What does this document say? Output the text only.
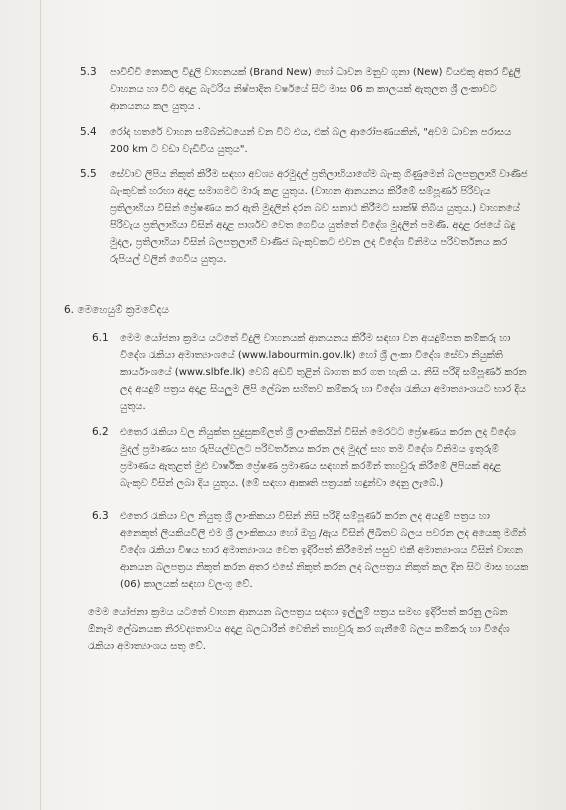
5.3 පාවිච්චි නොකල විදුලි වාහනයක් (Brand New) හෝ ධාවන මනුව ගුනා (New) වියළුකු අතර විදුලි වාහනය හා විට අදාළ බැටරිය නිෂ්පාදිත වර්ෂයේ සිට මාස 06 ක කාලයක් ඇතුලත ශ්‍රී ලංකාවට ආනයනය කල යුතුය .
5.4 රෝද හතරේ වාහන සම්බන්ධයෙන් වන විට එය, එක් බල ආරෝපණයකින්, "අවම ධාවන පරාසය 200 km ට වඩා වැඩිවිය යුතුය".
5.5 සේවාව ලිපිය නිකුත් කිරීම සඳහා අවශ්‍ය අරමුදල් ප්‍රතිලාභියාගේම බැංකු ගිණුමෙන් බලපත්‍රලාභී වාණිජ බැංකුවක් හරහා අදාළ සමාගමට මාරු කළ යුතුය. (වාහන ආනයනය කිරීමේ සම්පූර්ණ පිරිවැය ප්‍රතිලාභියා විසින් ප්‍රේෂණය කර ඇති මුදලින් දරන බව සනාථ කිරීමට සාක්ෂි තිබිය යුතුය.) වාහනයේ පිරිවැය ප්‍රතිලාභියා විසින් අදාළ පාර්ශව වෙත ගෙවිය යුත්තේ විදේශ මුදලින් පමණි. අදාළ රජයේ බදු මුදල, ප්‍රතිලාභියා විසින් බලපත්‍රලාභී වාණිජ බැංකුවකට එවන ලද විදේශ විනිමය පරිවර්තනය කර රුපියල් වලින් ගෙවිය යුතුය.
6. මෙහෙයුම් ක්‍රමවේදය
6.1 මෙම යෝජනා ක්‍රමය යටතේ විදුලි වාහනයක් ආනයනය කිරීම සඳහා වන අයදුම්පත කම්කරු හා විදේශ රැකියා අමාත්‍යාංශයේ (www.labourmin.gov.lk) හෝ ශ්‍රී ලංකා විදේශ සේවා නියුක්ති කාර්යාංශයේ (www.slbfe.lk) වෙබ් අඩවි තුළින් බාගත කර ගත හැකි ය. නිසි පරිදි සම්පූර්ණ කරන ලද අයදුම් පත්‍රය අදාළ සියලුම ලිපි ලේඛන සහිතව කම්කරු හා විදේශ රැකියා අමාත්‍යාංශයට භාර දිය යුතුය.
6.2 එතෙර රැකියා වල නියුක්ත සුදුසුකම්ලත් ශ්‍රී ලාංකිකයින් විසින් මෙරටට ප්‍රේෂණය කරන ලද විදේශ මුදල් ප්‍රමාණය සහ රුපියල්වලට පරිවර්තනය කරන ලද මුදල් සහ තම විදේශ විනිමය ඉතුරුම් ප්‍රමාණය ඇතුළත් මුළු වාර්ෂික ප්‍රේෂණ ප්‍රමාණය සඳහන් කරමින් තහවුරු කිරීමේ ලිපියක් අදාළ බැංකුව විසින් ලබා දිය යුතුය. (මේ සඳහා ආකෘති පත්‍රයක් හඳුන්වා දෙනු ලැබේ.)
6.3 එතෙර රැකියා වල නියුතු ශ්‍රී ලාංකිකයා විසින් නිසි පරිදි සම්පූර්ණ කරන ලද අයදුම් පත්‍රය හා අනෙකුත් ලියකියවිලි එම ශ්‍රී ලාංකිකයා හෝ ඔහු /ඇය විසින් ලිඛිතව බලය පවරන ලද අයෙකු මගින් විදේශ රැකියා විෂය භාර අමාත්‍යාංශය වෙත ඉදිරිපත් කිරීමෙන් පසුව එකී අමාත්‍යාංශය විසින් වාහන ආනයන බලපත්‍රය නිකුත් කරන අතර එසේ නිකුත් කරන ලද බලපත්‍රය නිකුත් කල දින සිට මාස හයක (06) කාලයක් සඳහා වලංගු වේ.
මෙම යෝජනා ක්‍රමය යටතේ වාහන ආනයන බලපත්‍රය සඳහා ඉල්ලුම් පත්‍රය සමඟ ඉදිරිපත් කරනු ලබන ඕනෑම ලේඛනයක නිරවද්‍යතාවය අදාළ බලධාරීන් වෙතින් තහවුරු කර ගැනීමේ බලය කම්කරු හා විදේශ රැකියා අමාත්‍යාංශය සතු වේ.
